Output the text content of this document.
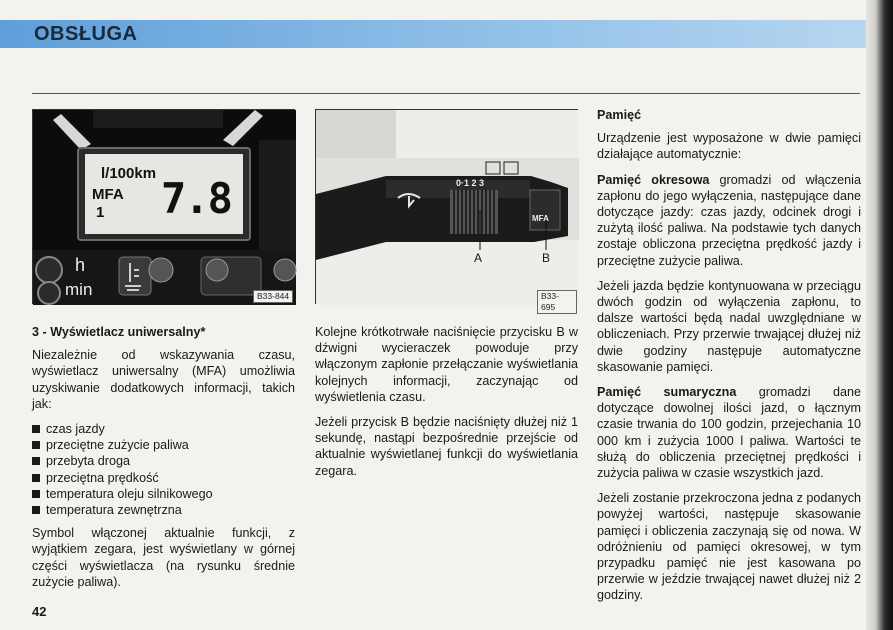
OBSŁUGA
l/100km
MFA
1 7.8
h
min	B33-844
0·1 2 3
MFA
A	B
B33-695
3 - Wyświetlacz uniwersalny*

Niezależnie od wskazywania czasu, wyświetlacz uniwersalny (MFA) umożliwia uzyskiwanie dodatkowych informacji, takich jak:

czas jazdy
przeciętne zużycie paliwa
przebyta droga
przeciętna prędkość
temperatura oleju silnikowego
temperatura zewnętrzna

Symbol włączonej aktualnie funkcji, z wyjątkiem zegara, jest wyświetlany w górnej części wyświetlacza (na rysunku średnie zużycie paliwa).

Kolejne krótkotrwałe naciśnięcie przycisku B w dźwigni wycieraczek powoduje przy włączonym zapłonie przełączanie wyświetlania kolejnych informacji, zaczynając od wyświetlenia czasu.

Jeżeli przycisk B będzie naciśnięty dłużej niż 1 sekundę, nastąpi bezpośrednie przejście od aktualnie wyświetlanej funkcji do wyświetlania zegara.

Pamięć

Urządzenie jest wyposażone w dwie pamięci działające automatycznie:

Pamięć okresowa gromadzi od włączenia zapłonu do jego wyłączenia, następujące dane dotyczące jazdy: czas jazdy, odcinek drogi i zużytą ilość paliwa. Na podstawie tych danych zostaje obliczona przeciętna prędkość jazdy i przeciętne zużycie paliwa.

Jeżeli jazda będzie kontynuowana w przeciągu dwóch godzin od wyłączenia zapłonu, to dalsze wartości będą nadal uwzględniane w obliczeniach. Przy przerwie trwającej dłużej niż dwie godziny następuje automatyczne skasowanie pamięci.

Pamięć sumaryczna gromadzi dane dotyczące dowolnej ilości jazd, o łącznym czasie trwania do 100 godzin, przejechania 10 000 km i zużycia 1000 l paliwa. Wartości te służą do obliczenia przeciętnej prędkości i zużycia paliwa w czasie wszystkich jazd.

Jeżeli zostanie przekroczona jedna z podanych powyżej wartości, następuje skasowanie pamięci i obliczenia zaczynają się od nowa. W odróżnieniu od pamięci okresowej, w tym przypadku pamięć nie jest kasowana po przerwie w jeździe trwającej nawet dłużej niż 2 godziny.

42
